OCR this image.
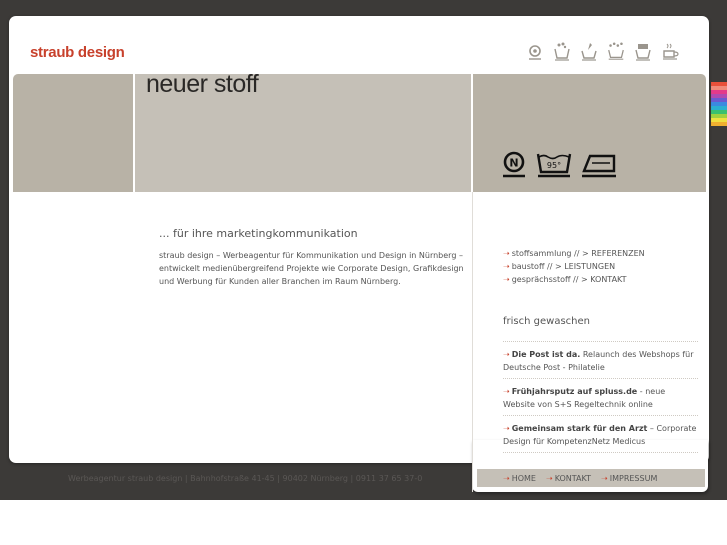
straub design
neuer stoff
N	95°
... für ihre marketingkommunikation
straub design – Werbeagentur für Kommunikation und Design in Nürnberg – entwickelt medienübergreifend Projekte wie Corporate Design, Grafikdesign und Werbung für Kunden aller Branchen im Raum Nürnberg.
➝ stoffsammlung // > REFERENZEN
➝ baustoff // > LEISTUNGEN
➝ gesprächsstoff // > KONTAKT
frisch gewaschen
➝ Die Post ist da. Relaunch des Webshops für Deutsche Post - Philatelie
➝ Frühjahrsputz auf spluss.de - neue Website von S+S Regeltechnik online
➝ Gemeinsam stark für den Arzt – Corporate Design für KompetenzNetz Medicus
➝ HOME ➝ KONTAKT ➝ IMPRESSUM
Werbeagentur straub design | Bahnhofstraße 41-45 | 90402 Nürnberg | 0911 37 65 37-0
